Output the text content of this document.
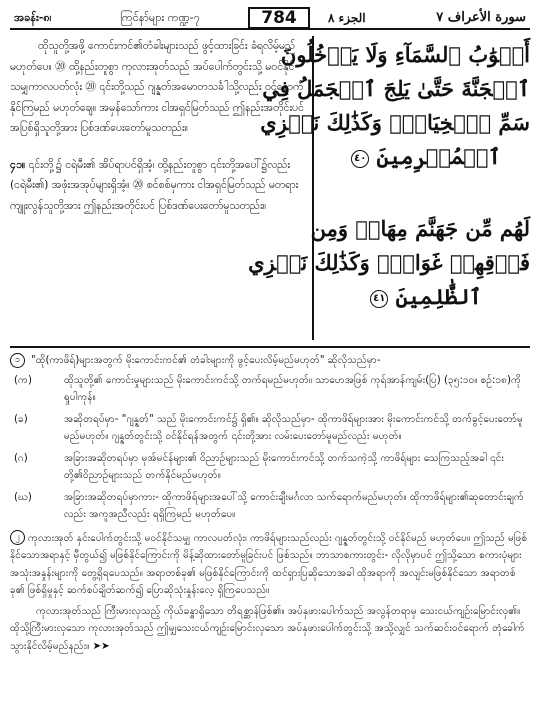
အခန်း-၈၊	ကြင်နာ်များ ကဏ္ဍ-၇	784	الجزء ٨	سورة الأعراف ٧

ထိုသူတို့အဖို့ ကောင်းကင်၏တံခါးများသည် ဖွင့်ထားခြင်း ခံရလိမ့်မည်မဟုတ်ပေ။ ⑳ ထို့နည်းတူစွာ ကုလားအုတ်သည် အပ်ပေါက်တွင်းသို့ မဝင်နိုင်သမျှကာလပတ်လုံး ⑳ ၎င်းတို့သည် ဂျန္နတ်အမောတသင်္ခါသို့လည်း ဝင်ရောက်နိုင်ကြမည် မဟုတ်ချေ။ အမှန်သော်ကား ငါအရှင်မြတ်သည် ဤနည်းအတိုင်းပင် အပြစ်ရှိသူတို့အား ပြစ်ဒဏ်ပေးတော်မူသတည်း။

၄၁။ ၎င်းတို့၌ ငရဲမီး၏ အိပ်ရာပင်ရှိအံ့၊ ထို့နည်းတူစွာ ၎င်းတို့အပေါ်၌လည်း (ငရဲမီး၏) အဖုံးအအုပ်များရှိအံ့။ ⑳ စင်စစ်မှကား ငါအရှင်မြတ်သည် မတရားကျူးလွန်သူတို့အား ဤနည်းအတိုင်းပင် ပြစ်ဒဏ်ပေးတော်မူသတည်း။

أَبۡوَٰبُ ٱلسَّمَآءِ وَلَا يَدۡخُلُونَ
ٱلۡجَنَّةَ حَتَّىٰ يَلِجَ ٱلۡجَمَلُ فِي
سَمِّ ٱلۡخِيَاطِۚ وَكَذَٰلِكَ نَجۡزِي
ٱلۡمُجۡرِمِينَ ٤٠
لَهُم مِّن جَهَنَّمَ مِهَادٞ وَمِن
فَوۡقِهِمۡ غَوَاشٖۚ وَكَذَٰلِكَ نَجۡزِي
ٱلظَّٰلِمِينَ ٤١
၁	"ထို(ကာဖိရ်)များအတွက် မိုးကောင်းကင်၏ တံခါးများကို ဖွင့်ပေးလိမ့်မည်မဟုတ်" ဆိုလိုသည်မှာ-
(က)	ထိုသူတို့၏ ကောင်းမှုများသည် မိုးကောင်းကင်သို့ တက်ရမည်မဟုတ်။ သာဟေအဖြစ် ကုရ်အာန်ကျမ်း(ပြ) (၃၅:၁၀။ စဥ်:၁၈)ကို ရှုပါကုန်။
(ခ)	အဆိုတရပ်မှာ- "ဂျန္နတ်" သည် မိုးကောင်းကင်၌ ရှိ၏။ ဆိုလိုသည်မှာ- ထိုကာဖိရ်များအား မိုးကောင်းကင်သို့ တက်ခွင့်ပေးတော်မူမည်မဟုတ်။ ဂျန္နတ်တွင်းသို့ ဝင်နိုင်ရန်အတွက် ၎င်းတို့အား လမ်းပေးတော်မူမည်လည်း မဟုတ်။
(ဂ)	အခြားအဆိုတရပ်မှာ မုအ်မင်န်များ၏ ဝိညာဉ်များသည် မိုးကောင်းကင်သို့ တက်သကဲ့သို့ ကာဖိရ်များ သေကြသည့်အခါ ၎င်းတို့၏ဝိညာဉ်များသည် တက်နိုင်မည်မဟုတ်။
(ဃ)	အခြားအဆိုတရပ်မှာကား- ထိုကာဖိရ်များအပေါ်သို့ ကောင်းချီးမင်္ဂလာ သက်ရောက်မည်မဟုတ်။ ထိုကာဖိရ်များ၏ဆုတောင်းချက်လည်း အကူအညီလည်း ရရှိကြမည် မဟုတ်ပေ။

၂ ကုလားအုတ် နှင်းပေါက်တွင်းသို့ မဝင်နိုင်သမျှ ကာလပတ်လုံး၊ ကာဖိရ်များသည်လည်း ဂျန္နတ်တွင်းသို့ ဝင်နိုင်မည် မဟုတ်ပေ။ ဤသည် မဖြစ်နိုင်သောအရာနှင့် မှီတွယ်၍ မဖြစ်နိုင်ကြောင်းကို မိန့်ဆိုထားတော်မူခြင်းပင် ဖြစ်သည်။ ဘာသာစကားတွင်း- လိုလိုမှာပင် ဤသို့သော စကားပုံများ အသုံးအနှုန်းများကို တွေ့ရှိရပေသည်။ အရာတစ်ခု၏ မဖြစ်နိုင်ကြောင်းကို ထင်ရှားပြဆိုသောအခါ ထိုအရာကို အလျင်းမဖြစ်နိုင်သော အရာတစ်ခု၏ ဖြစ်ရှိမှုနှင့် ဆက်စပ်ချိတ်ဆက်၍ ပြောဆိုသုံးနှုန်းလေ့ ရှိကြပေသည်။

ကုလားအုတ်သည် ကြီးမားလှသည့် ကိုယ်ခန္ဓာရှိသော တိရစ္ဆာန်ဖြစ်၏။ အပ်နှဖားပေါက်သည် အလွန်တရာမှ သေးငယ်ကျဉ်းမြောင်းလှ၏။ ထိုသို့ကြီးမားလှသော ကုလားအုတ်သည် ဤမျှသေးငယ်ကျဉ်းမြောင်းလှသော အပ်နှဖားပေါက်တွင်းသို့ အသို့လျှင် သက်ဆင်းဝင်ရောက် တုံခေါက်သွားနိုင်လိမ့်မည်နည်း။ ➤➤
